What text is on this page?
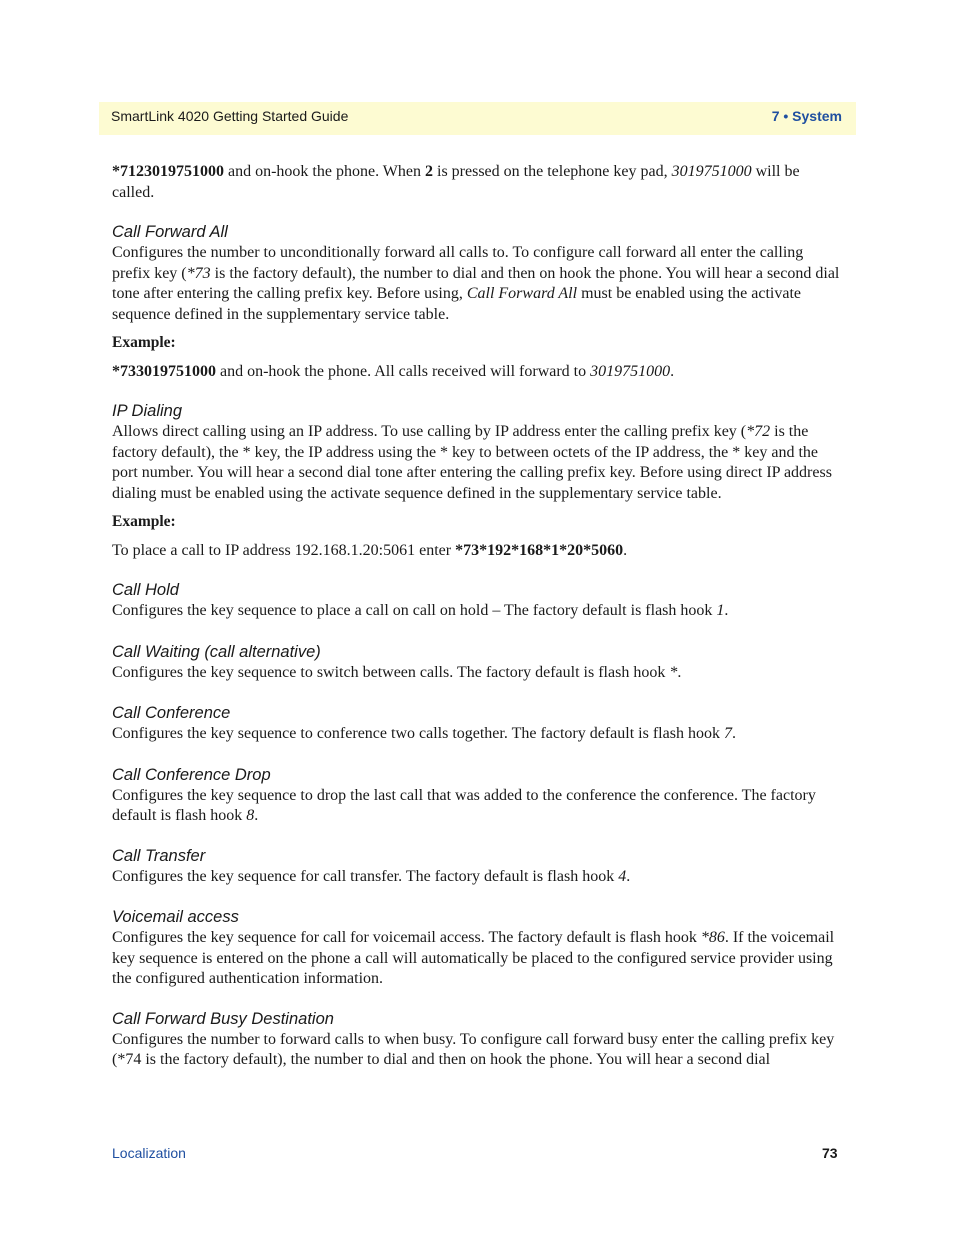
SmartLink 4020 Getting Started Guide	7 • System

*7123019751000 and on-hook the phone. When 2 is pressed on the telephone key pad, 3019751000 will be called.

Call Forward All

Configures the number to unconditionally forward all calls to. To configure call forward all enter the calling prefix key (*73 is the factory default), the number to dial and then on hook the phone. You will hear a second dial tone after entering the calling prefix key. Before using, Call Forward All must be enabled using the activate sequence defined in the supplementary service table.

Example:

*733019751000 and on-hook the phone. All calls received will forward to 3019751000.

IP Dialing

Allows direct calling using an IP address. To use calling by IP address enter the calling prefix key (*72 is the factory default), the * key, the IP address using the * key to between octets of the IP address, the * key and the port number. You will hear a second dial tone after entering the calling prefix key. Before using direct IP address dialing must be enabled using the activate sequence defined in the supplementary service table.

Example:

To place a call to IP address 192.168.1.20:5061 enter *73*192*168*1*20*5060.

Call Hold

Configures the key sequence to place a call on call on hold – The factory default is flash hook 1.

Call Waiting (call alternative)

Configures the key sequence to switch between calls. The factory default is flash hook *.

Call Conference

Configures the key sequence to conference two calls together. The factory default is flash hook 7.

Call Conference Drop

Configures the key sequence to drop the last call that was added to the conference the conference. The factory default is flash hook 8.

Call Transfer

Configures the key sequence for call transfer. The factory default is flash hook 4.

Voicemail access

Configures the key sequence for call for voicemail access. The factory default is flash hook *86. If the voicemail key sequence is entered on the phone a call will automatically be placed to the configured service provider using the configured authentication information.

Call Forward Busy Destination

Configures the number to forward calls to when busy. To configure call forward busy enter the calling prefix key (*74 is the factory default), the number to dial and then on hook the phone. You will hear a second dial

Localization	73
